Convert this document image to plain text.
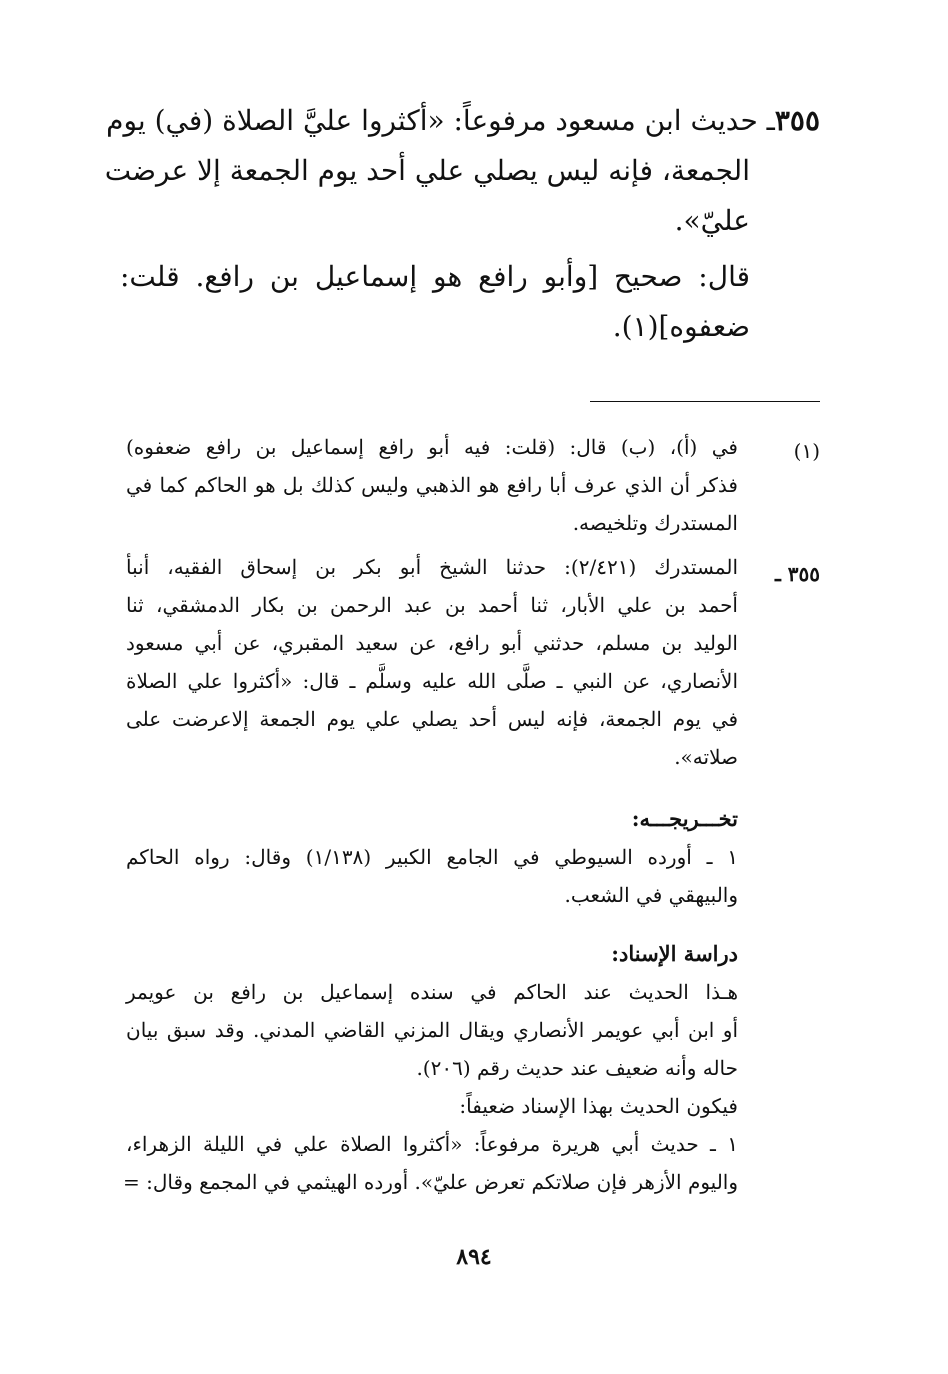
٣٥٥ـ حديث ابن مسعود مرفوعاً: «أكثروا عليَّ الصلاة (في) يوم
الجمعة، فإنه ليس يصلي علي أحد يوم الجمعة إلا عرضت
عليّ».
قال: صحيح [وأبو رافع هو إسماعيل بن رافع. قلت:
ضعفوه](١).
(١)
في (أ)، (ب) قال: (قلت: فيه أبو رافع إسماعيل بن رافع ضعفوه)
فذكر أن الذي عرف أبا رافع هو الذهبي وليس كذلك بل هو الحاكم كما في
المستدرك وتلخيصه.
٣٥٥ ـ
المستدرك (٢/٤٢١): حدثنا الشيخ أبو بكر بن إسحاق الفقيه، أنبأ
أحمد بن علي الأبار، ثنا أحمد بن عبد الرحمن بن بكار الدمشقي، ثنا
الوليد بن مسلم، حدثني أبو رافع، عن سعيد المقبري، عن أبي مسعود
الأنصاري، عن النبي ـ صلَّى الله عليه وسلَّم ـ قال: «أكثروا علي الصلاة
في يوم الجمعة، فإنه ليس أحد يصلي علي يوم الجمعة إلاعرضت على
صلاته».
تخـــريجـــه:
١ ـ أورده السيوطي في الجامع الكبير (١/١٣٨) وقال: رواه الحاكم
والبيهقي في الشعب.
دراسة الإسناد:
هـذا الحديث عند الحاكم في سنده إسماعيل بن رافع بن عويمر
أو ابن أبي عويمر الأنصاري ويقال المزني القاضي المدني. وقد سبق بيان
حاله وأنه ضعيف عند حديث رقم (٢٠٦).
فيكون الحديث بهذا الإسناد ضعيفاً:
١ ـ حديث أبي هريرة مرفوعاً: «أكثروا الصلاة علي في الليلة الزهراء،
واليوم الأزهر فإن صلاتكم تعرض عليّ». أورده الهيثمي في المجمع وقال: =
٨٩٤
